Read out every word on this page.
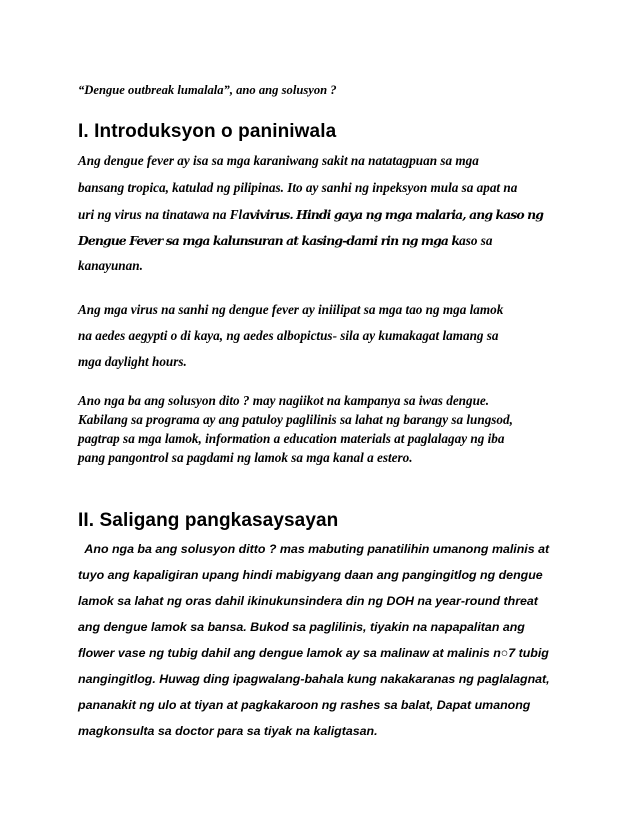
“Dengue outbreak lumalala”, ano ang solusyon ?
I. Introduksyon o paniniwala
Ang dengue fever ay isa sa mga karaniwang sakit na natatagpuan sa mga
bansang tropica, katulad ng pilipinas. Ito ay sanhi ng inpeksyon mula sa apat na
uri ng virus na tinatawa na Flavivirus. Hindi gaya ng mga malaria, ang kaso ng
Dengue Fever sa mga kalunsuran at kasing-dami rin ng mga kaso sa
kanayunan.
Ang mga virus na sanhi ng dengue fever ay iniilipat sa mga tao ng mga lamok
na aedes aegypti o di kaya, ng aedes albopictus- sila ay kumakagat lamang sa
mga daylight hours.
Ano nga ba ang solusyon dito ? may nagiikot na kampanya sa iwas dengue.
Kabilang sa programa ay ang patuloy paglilinis sa lahat ng barangy sa lungsod,
pagtrap sa mga lamok, information a education materials at paglalagay ng iba
pang pangontrol sa pagdami ng lamok sa mga kanal a estero.
II. Saligang pangkasaysayan
Ano nga ba ang solusyon ditto ? mas mabuting panatilihin umanong malinis at
tuyo ang kapaligiran upang hindi mabigyang daan ang pangingitlog ng dengue
lamok sa lahat ng oras dahil ikinukunsindera din ng DOH na year-round threat
ang dengue lamok sa bansa. Bukod sa paglilinis, tiyakin na napapalitan ang
flower vase ng tubig dahil ang dengue lamok ay sa malinaw at malinis n○7 tubig
nangingitlog. Huwag ding ipagwalang-bahala kung nakakaranas ng paglalagnat,
pananakit ng ulo at tiyan at pagkakaroon ng rashes sa balat, Dapat umanong
magkonsulta sa doctor para sa tiyak na kaligtasan.
